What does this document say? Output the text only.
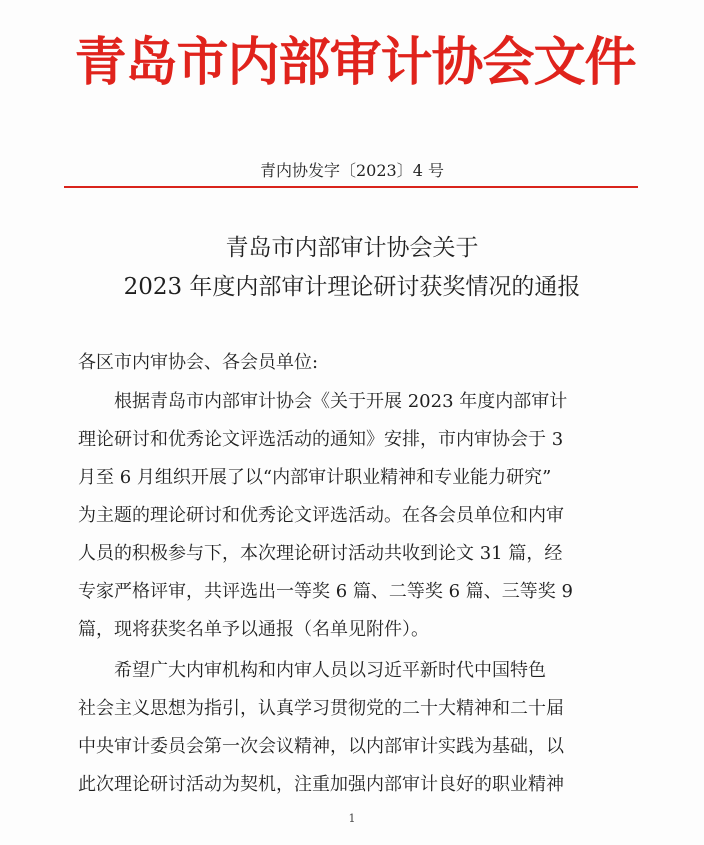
青岛市内部审计协会文件
青内协发字〔2023〕4 号
青岛市内部审计协会关于
2023 年度内部审计理论研讨获奖情况的通报
各区市内审协会、各会员单位:
　　根据青岛市内部审计协会《关于开展 2023 年度内部审计
理论研讨和优秀论文评选活动的通知》安排，市内审协会于 3
月至 6 月组织开展了以“内部审计职业精神和专业能力研究”
为主题的理论研讨和优秀论文评选活动。在各会员单位和内审
人员的积极参与下，本次理论研讨活动共收到论文 31 篇，经
专家严格评审，共评选出一等奖 6 篇、二等奖 6 篇、三等奖 9
篇，现将获奖名单予以通报（名单见附件）。
　　希望广大内审机构和内审人员以习近平新时代中国特色
社会主义思想为指引，认真学习贯彻党的二十大精神和二十届
中央审计委员会第一次会议精神，以内部审计实践为基础，以
此次理论研讨活动为契机，注重加强内部审计良好的职业精神
1
